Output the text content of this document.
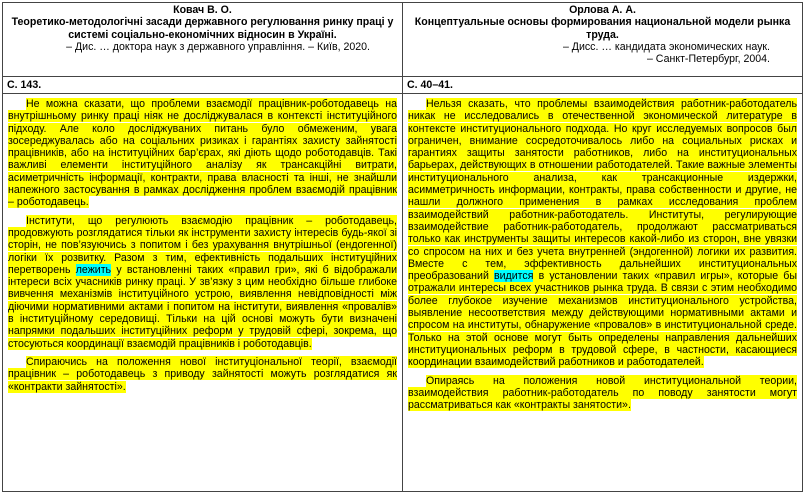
Ковач В. О.
Теоретико-методологічні засади державного регулювання ринку праці у системі соціально-економічних відносин в Україні.
– Дис. … доктора наук з державного управління. – Київ, 2020.
С. 143.

Не можна сказати, що проблеми взаємодії працівник-роботодавець на внутрішньому ринку праці ніяк не досліджувалася в контексті інституційного підходу. Але коло досліджуваних питань було обмеженим, увага зосереджувалась або на соціальних ризиках і гарантіях захисту зайнятості працівників, або на інституційних бар’єрах, які діють щодо роботодавців. Такі важливі елементи інституційного аналізу як трансакційні витрати, асиметричність інформації, контракти, права власності та інші, не знайшли напежного застосування в рамках дослідження проблем взаємодій працівник – роботодавець.

Інститути, що регулюють взаємодію працівник – роботодавець, продовжують розглядатися тільки як інструменти захисту інтересів будь-якої зі сторін, не пов’язуючись з попитом і без урахування внутрішньої (ендогенної) логіки їх розвитку. Разом з тим, ефективність подальших інституційних перетворень лежить у встановленні таких «правил гри», які б відображали інтереси всіх учасників ринку праці. У зв’язку з цим необхідно більше глибоке вивчення механізмів інституційного устрою, виявлення невідповідності між діючими нормативними актами і попитом на інститути, виявлення «провалів» в інституційному середовищі. Тільки на цій основі можуть бути визначені напрямки подальших інституційних реформ у трудовій сфері, зокрема, що стосуються координації взаємодій працівників і роботодавців.

Спираючись на положення нової інституціональної теорії, взаємодії працівник – роботодавець з приводу зайнятості можуть розглядатися як «контракти зайнятості».

Орлова А. А.
Концептуальные основы формирования национальной модели рынка труда.
– Дисс. … кандидата экономических наук.
– Санкт-Петербург, 2004.
С. 40–41.

Нельзя сказать, что проблемы взаимодействия работник-работодатель никак не исследовались в отечественной экономической литературе в контексте институционального подхода. Но круг исследуемых вопросов был ограничен, внимание сосредоточивалось либо на социальных рисках и гарантиях защиты занятости работников, либо на институциональных барьерах, действующих в отношении работодателей. Такие важные элементы институционального анализа, как трансакционные издержки, асимметричность информации, контракты, права собственности и другие, не нашли должного применения в рамках исследования проблем взаимодействий работник-работодатель. Институты, регулирующие взаимодействие работник-работодатель, продолжают рассматриваться только как инструменты защиты интересов какой-либо из сторон, вне увязки со спросом на них и без учета внутренней (эндогенной) логики их развития. Вместе с тем, эффективность дальнейших институциональных преобразований видится в установлении таких «правил игры», которые бы отражали интересы всех участников рынка труда. В связи с этим необходимо более глубокое изучение механизмов институционального устройства, выявление несоответствия между действующими нормативными актами и спросом на институты, обнаружение «провалов» в институциональной среде. Только на этой основе могут быть определены направления дальнейших институциональных реформ в трудовой сфере, в частности, касающиеся координации взаимодействий работников и работодателей.

Опираясь на положения новой институциональной теории, взаимодействия работник-работодатель по поводу занятости могут рассматриваться как «контракты занятости».
